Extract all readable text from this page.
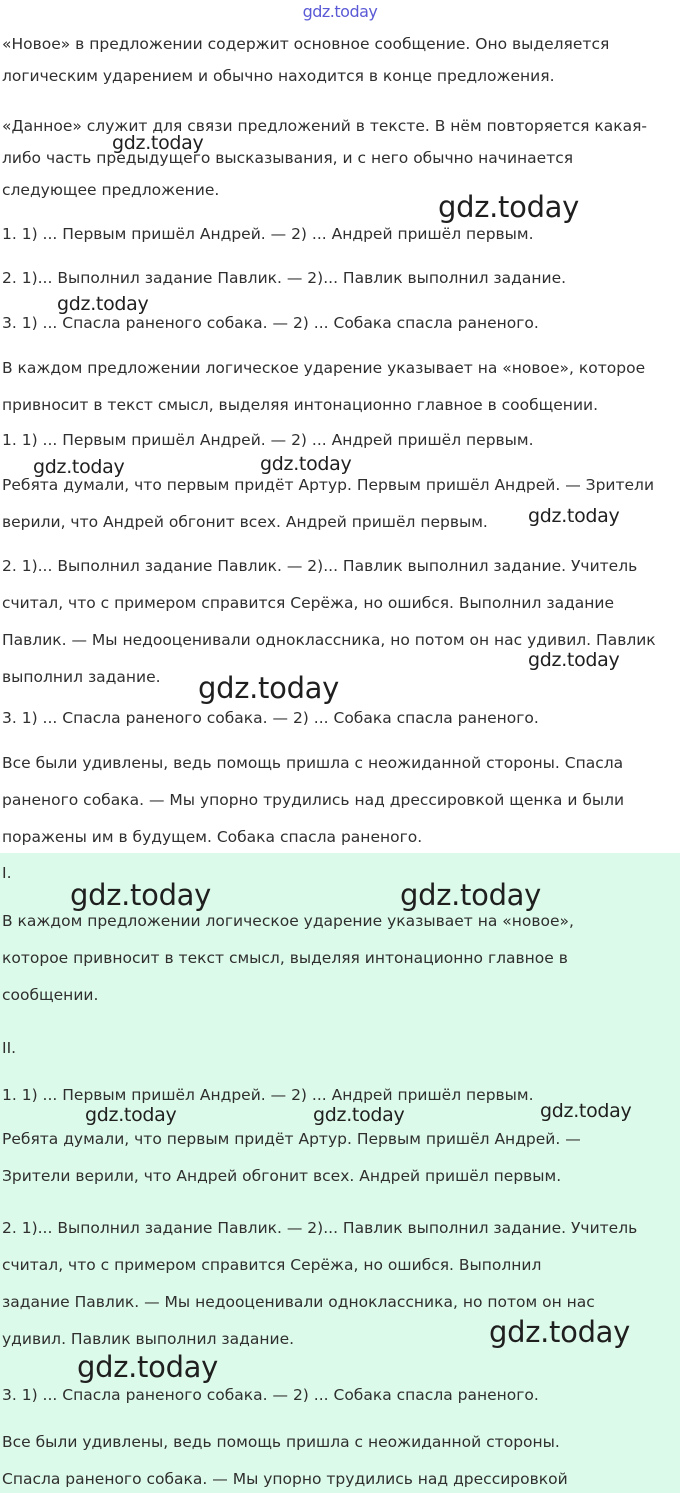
gdz.today

«Новое» в предложении содержит основное сообщение. Оно выделяется
логическим ударением и обычно находится в конце предложения.

«Данное» служит для связи предложений в тексте. В нём повторяется какая-
либо часть предыдущего высказывания, и с него обычно начинается
следующее предложение.

1. 1) ... Первым пришёл Андрей. — 2) ... Андрей пришёл первым.

2. 1)... Выполнил задание Павлик. — 2)... Павлик выполнил задание.

3. 1) ... Спасла раненого собака. — 2) ... Собака спасла раненого.

В каждом предложении логическое ударение указывает на «новое», которое
привносит в текст смысл, выделяя интонационно главное в сообщении.

1. 1) ... Первым пришёл Андрей. — 2) ... Андрей пришёл первым.

Ребята думали, что первым придёт Артур. Первым пришёл Андрей. — Зрители
верили, что Андрей обгонит всех. Андрей пришёл первым.

2. 1)... Выполнил задание Павлик. — 2)... Павлик выполнил задание. Учитель
считал, что с примером справится Серёжа, но ошибся. Выполнил задание
Павлик. — Мы недооценивали одноклассника, но потом он нас удивил. Павлик
выполнил задание.

3. 1) ... Спасла раненого собака. — 2) ... Собака спасла раненого.

Все были удивлены, ведь помощь пришла с неожиданной стороны. Спасла
раненого собака. — Мы упорно трудились над дрессировкой щенка и были
поражены им в будущем. Собака спасла раненого.

I.

В каждом предложении логическое ударение указывает на «новое»,
которое привносит в текст смысл, выделяя интонационно главное в
сообщении.

II.

1. 1) ... Первым пришёл Андрей. — 2) ... Андрей пришёл первым.

Ребята думали, что первым придёт Артур. Первым пришёл Андрей. —
Зрители верили, что Андрей обгонит всех. Андрей пришёл первым.

2. 1)... Выполнил задание Павлик. — 2)... Павлик выполнил задание. Учитель
считал, что с примером справится Серёжа, но ошибся. Выполнил
задание Павлик. — Мы недооценивали одноклассника, но потом он нас
удивил. Павлик выполнил задание.

3. 1) ... Спасла раненого собака. — 2) ... Собака спасла раненого.

Все были удивлены, ведь помощь пришла с неожиданной стороны.
Спасла раненого собака. — Мы упорно трудились над дрессировкой

gdz.today
gdz.today
gdz.today
gdz.today	gdz.today
gdz.today
gdz.today
gdz.today
gdz.today	gdz.today
gdz.today	gdz.today	gdz.today
gdz.today
gdz.today
